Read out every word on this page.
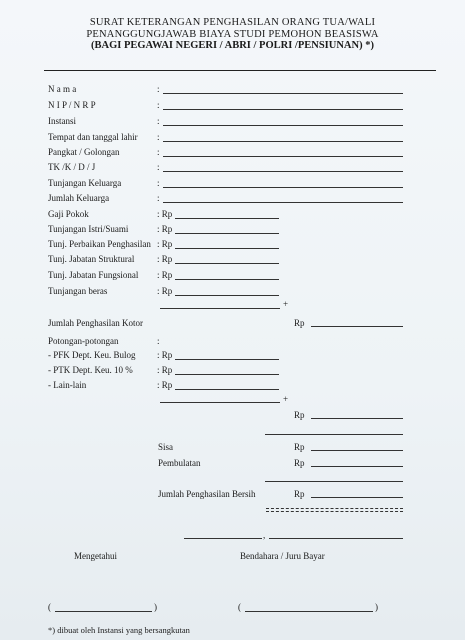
SURAT KETERANGAN PENGHASILAN ORANG TUA/WALI
PENANGGUNGJAWAB BIAYA STUDI PEMOHON BEASISWA
(BAGI PEGAWAI NEGERI / ABRI / POLRI /PENSIUNAN) *)
N a m a	:
N I P / N R P	:
Instansi	:
Tempat dan tanggal lahir :
Pangkat / Golongan	:
TK /K / D / J	:
Tunjangan Keluarga	:
Jumlah Keluarga	:
Gaji Pokok	: Rp
Tunjangan Istri/Suami	: Rp
Tunj. Perbaikan Penghasilan : Rp
Tunj. Jabatan Struktural	: Rp
Tunj. Jabatan Fungsional : Rp
Tunjangan beras	: Rp
+
Jumlah Penghasilan Kotor	Rp
Potongan-potongan	:
- PFK Dept. Keu. Bulog : Rp
- PTK Dept. Keu. 10 %	: Rp
- Lain-lain	: Rp
+
Rp
Sisa	Rp
Pembulatan	Rp
Jumlah Penghasilan Bersih	Rp
,
Mengetahui	Bendahara / Juru Bayar
(	)	(	)
*) dibuat oleh Instansi yang bersangkutan
